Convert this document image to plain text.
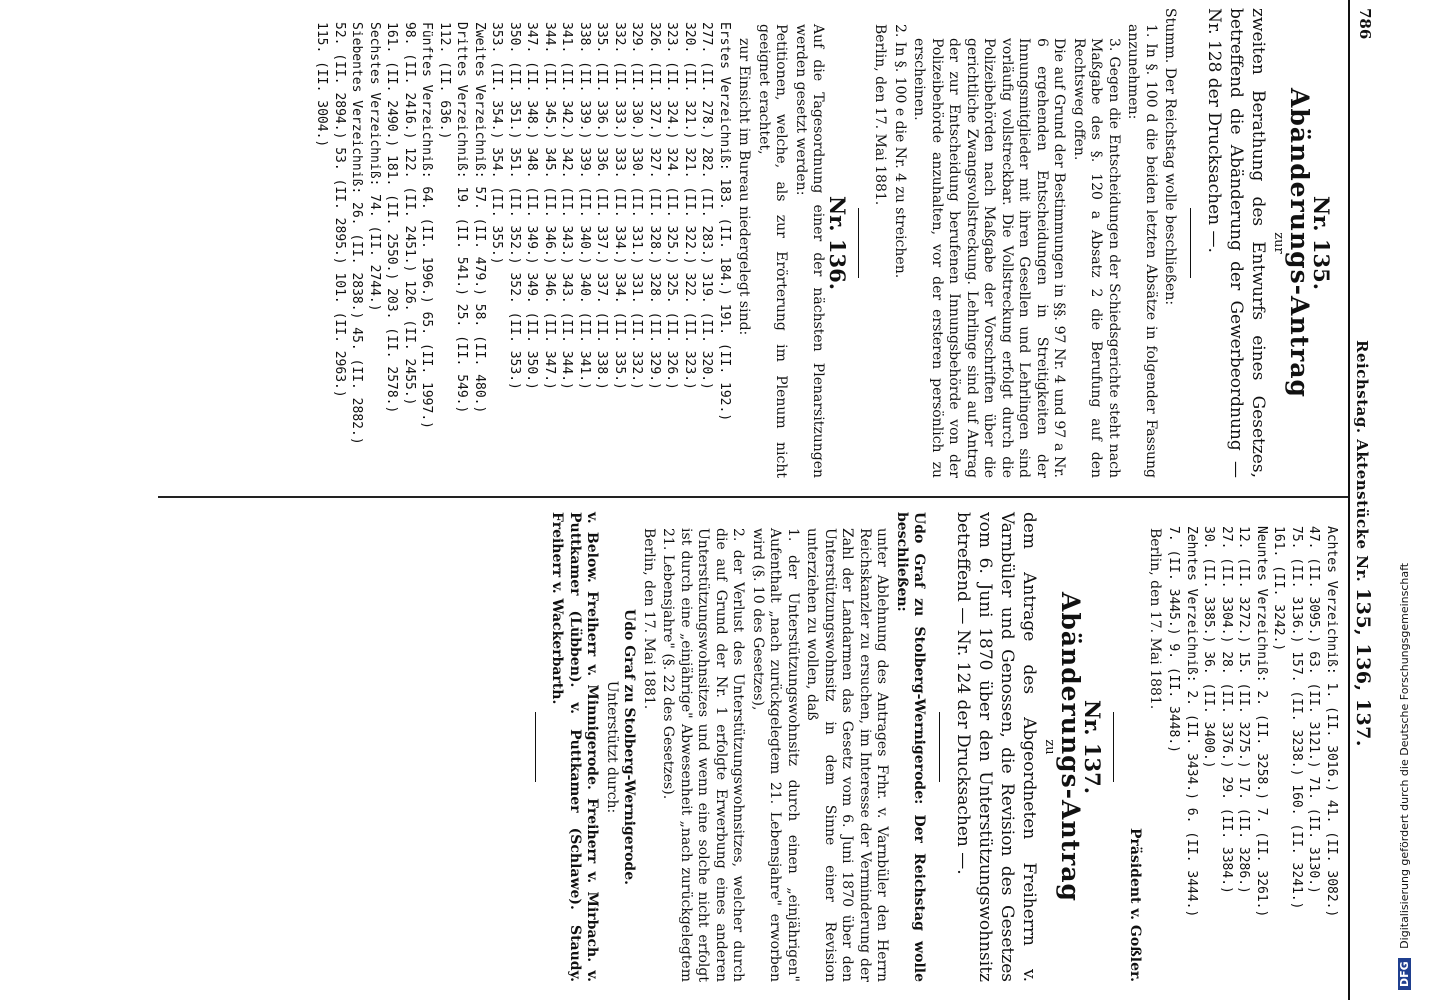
786
Reichstag. Aktenstücke Nr. 135, 136, 137.
Nr. 135.
Abänderungs-Antrag
zur
zweiten Berathung des Entwurfs eines Gesetzes, betreffend die Abänderung der Gewerbeordnung — Nr. 128 der Drucksachen —.
Stumm. Der Reichstag wolle beschließen:
1. In §. 100 d die beiden letzten Absätze in folgender Fassung anzunehmen:
3. Gegen die Entscheidungen der Schiedsgerichte steht nach Maßgabe des §. 120 a Absatz 2 die Berufung auf den Rechtsweg offen.
Die auf Grund der Bestimmungen in §§. 97 Nr. 4 und 97 a Nr. 6 ergehenden Entscheidungen in Streitigkeiten der Innungsmitglieder mit ihren Gesellen und Lehrlingen sind vorläufig vollstreckbar. Die Vollstreckung erfolgt durch die Polizeibehörden nach Maßgabe der Vorschriften über die gerichtliche Zwangsvollstreckung. Lehrlinge sind auf Antrag der zur Entscheidung berufenen Innungsbehörde von der Polizeibehörde anzuhalten, vor der ersteren persönlich zu erscheinen.
2. In §. 100 e die Nr. 4 zu streichen.
Berlin, den 17. Mai 1881.
Nr. 136.
Auf die Tagesordnung einer der nächsten Plenarsitzungen werden gesetzt werden:
Petitionen, welche, als zur Erörterung im Plenum nicht geeignet erachtet,
zur Einsicht im Bureau niedergelegt sind:
Erstes Verzeichniß: 183. (II. 184.) 191. (II. 192.)
277. (II. 278.) 282. (II. 283.) 319. (II. 320.)
320. (II. 321.) 321. (II. 322.) 322. (II. 323.)
323. (II. 324.) 324. (II. 325.) 325. (II. 326.)
326. (II. 327.) 327. (II. 328.) 328. (II. 329.)
329. (II. 330.) 330. (II. 331.) 331. (II. 332.)
332. (II. 333.) 333. (II. 334.) 334. (II. 335.)
335. (II. 336.) 336. (II. 337.) 337. (II. 338.)
338. (II. 339.) 339. (II. 340.) 340. (II. 341.)
341. (II. 342.) 342. (II. 343.) 343. (II. 344.)
344. (II. 345.) 345. (II. 346.) 346. (II. 347.)
347. (II. 348.) 348. (II. 349.) 349. (II. 350.)
350. (II. 351.) 351. (II. 352.) 352. (II. 353.)
353. (II. 354.) 354. (II. 355.)
Zweites Verzeichniß: 57. (II. 479.) 58. (II. 480.)
Drittes Verzeichniß: 19. (II. 541.) 25. (II. 549.)
112. (II. 636.)
Fünftes Verzeichniß: 64. (II. 1996.) 65. (II. 1997.)
98. (II. 2416.) 122. (II. 2451.) 126. (II. 2455.)
161. (II. 2490.) 181. (II. 2550.) 203. (II. 2578.)
Sechstes Verzeichniß: 74. (II. 2744.)
Siebentes Verzeichniß: 26. (II. 2838.) 45. (II. 2882.)
52. (II. 2894.) 53. (II. 2895.) 101. (II. 2963.)
115. (II. 3004.)
Achtes Verzeichniß: 1. (II. 3016.) 41. (II. 3082.)
47. (II. 3095.) 63. (II. 3121.) 71. (II. 3130.)
75. (II. 3136.) 157. (II. 3238.) 160. (II. 3241.)
161. (II. 3242.)
Neuntes Verzeichniß: 2. (II. 3258.) 7. (II. 3261.)
12. (II. 3272.) 15. (II. 3275.) 17. (II. 3286.)
27. (II. 3304.) 28. (II. 3376.) 29. (II. 3384.)
30. (II. 3385.) 36. (II. 3400.)
Zehntes Verzeichniß: 2. (II. 3434.) 6. (II. 3444.)
7. (II. 3445.) 9. (II. 3448.)
Berlin, den 17. Mai 1881.
Präsident v. Goßler.
Nr. 137.
Abänderungs-Antrag
zu
dem Antrage des Abgeordneten Freiherrn v. Varnbüler und Genossen, die Revision des Gesetzes vom 6. Juni 1870 über den Unterstützungswohnsitz betreffend — Nr. 124 der Drucksachen —.
Udo Graf zu Stolberg-Wernigerode: Der Reichstag wolle beschließen:
unter Ablehnung des Antrages Frhr. v. Varnbüler den Herrn Reichskanzler zu ersuchen, im Interesse der Verminderung der Zahl der Landarmen das Gesetz vom 6. Juni 1870 über den Unterstützungswohnsitz in dem Sinne einer Revision unterziehen zu wollen, daß
1. der Unterstützungswohnsitz durch einen „einjährigen" Aufenthalt „nach zurückgelegtem 21. Lebensjahre" erworben wird (§. 10 des Gesetzes),
2. der Verlust des Unterstützungswohnsitzes, welcher durch die auf Grund der Nr. 1 erfolgte Erwerbung eines anderen Unterstützungswohnsitzes und wenn eine solche nicht erfolgt ist durch eine „einjährige" Abwesenheit „nach zurückgelegtem 21. Lebensjahre" (§. 22 des Gesetzes).
Berlin, den 17. Mai 1881.
Udo Graf zu Stolberg-Wernigerode.
Unterstützt durch:
v. Below. Freiherr v. Minnigerode. Freiherr v. Mirbach. v. Puttkamer (Lübben). v. Puttkamer (Schlawe). Staudy. Freiherr v. Wackerbarth.
DFG Digitalisierung gefördert durch die Deutsche Forschungsgemeinschaft
